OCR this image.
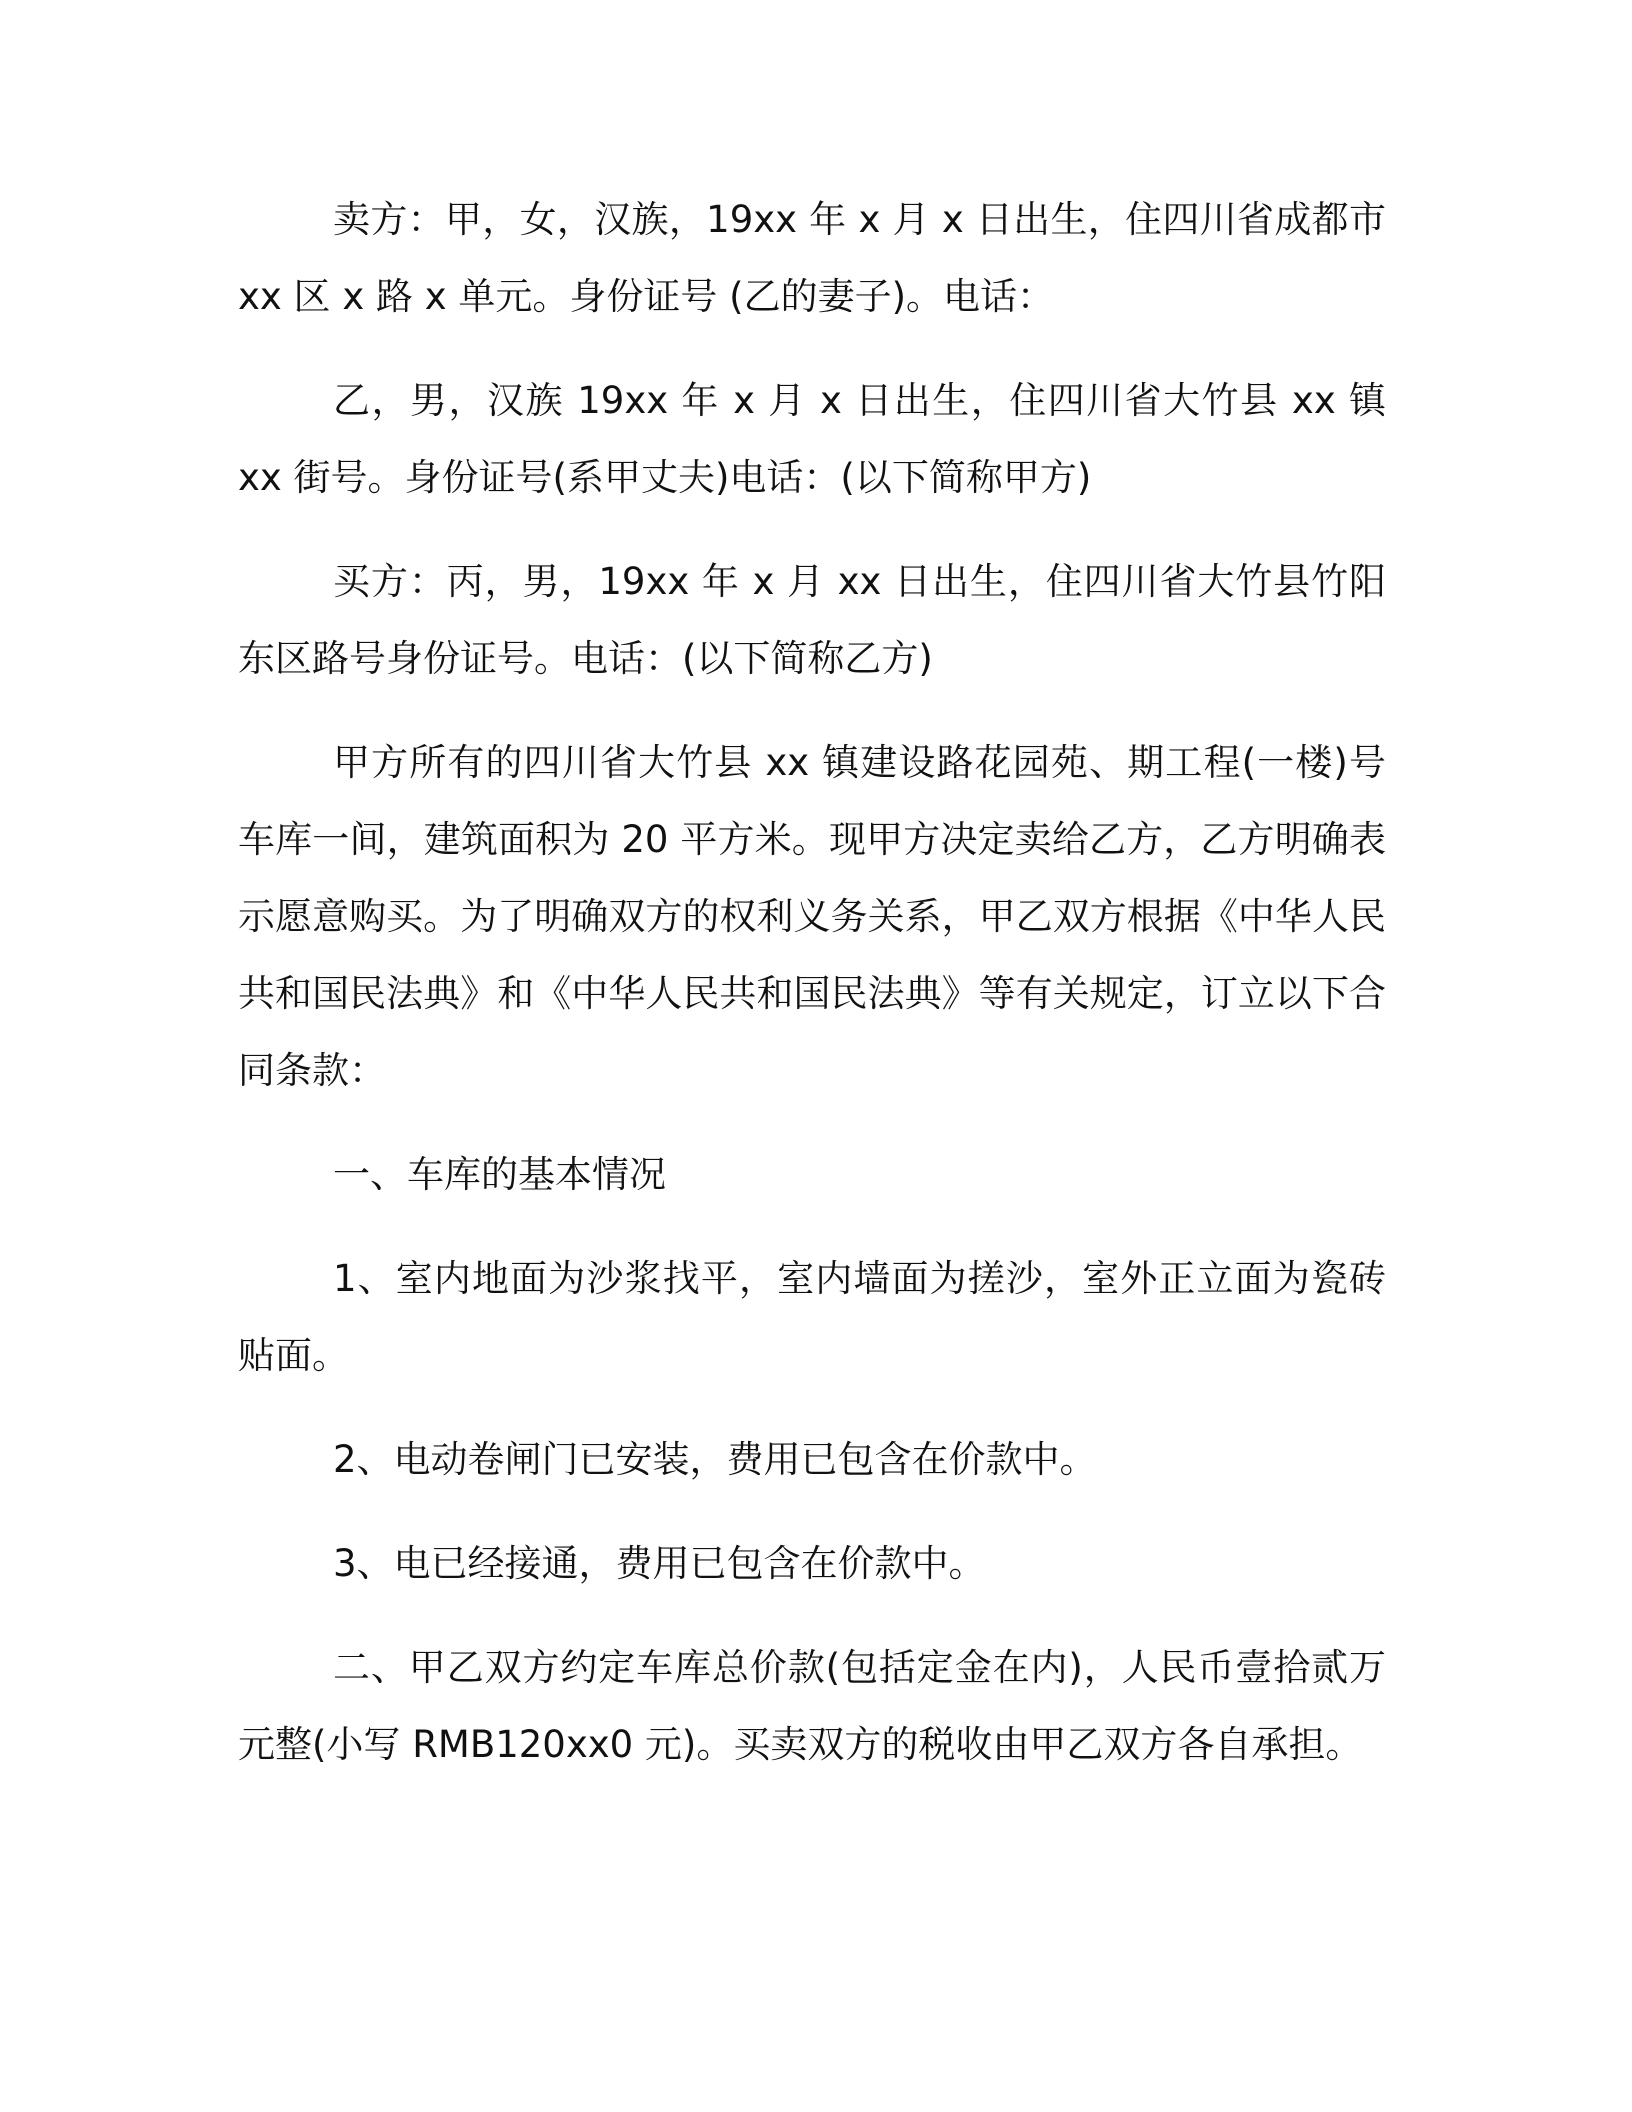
卖方：甲，女，汉族，19xx 年 x 月 x 日出生，住四川省成都市 xx 区 x 路 x 单元。身份证号 (乙的妻子)。电话：

乙，男，汉族 19xx 年 x 月 x 日出生，住四川省大竹县 xx 镇 xx 街号。身份证号(系甲丈夫)电话：(以下简称甲方)

买方：丙，男，19xx 年 x 月 xx 日出生，住四川省大竹县竹阳东区路号身份证号。电话：(以下简称乙方)

甲方所有的四川省大竹县 xx 镇建设路花园苑、期工程(一楼)号车库一间，建筑面积为 20 平方米。现甲方决定卖给乙方，乙方明确表示愿意购买。为了明确双方的权利义务关系，甲乙双方根据《中华人民共和国民法典》和《中华人民共和国民法典》等有关规定，订立以下合同条款：

一、车库的基本情况

1、室内地面为沙浆找平，室内墙面为搓沙，室外正立面为瓷砖贴面。

2、电动卷闸门已安装，费用已包含在价款中。

3、电已经接通，费用已包含在价款中。

二、甲乙双方约定车库总价款(包括定金在内)，人民币壹拾贰万元整(小写 RMB120xx0 元)。买卖双方的税收由甲乙双方各自承担。
